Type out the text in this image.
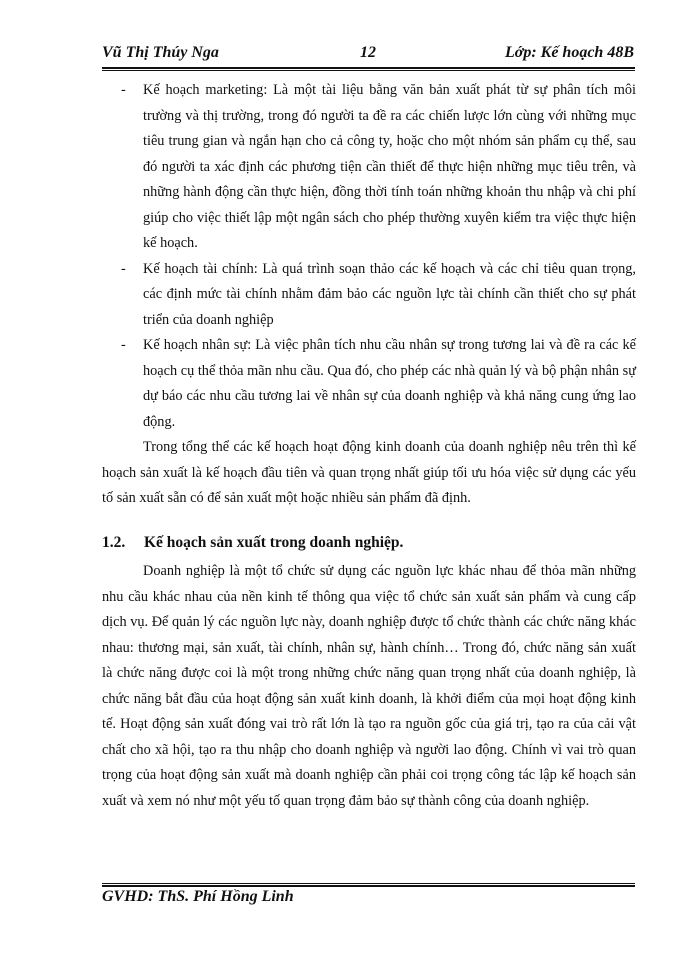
Vũ Thị Thúy Nga	12	Lớp: Kế hoạch 48B
- Kế hoạch marketing: Là một tài liệu bằng văn bản xuất phát từ sự phân tích môi trường và thị trường, trong đó người ta đề ra các chiến lược lớn cùng với những mục tiêu trung gian và ngắn hạn cho cả công ty, hoặc cho một nhóm sản phẩm cụ thể, sau đó người ta xác định các phương tiện cần thiết để thực hiện những mục tiêu trên, và những hành động cần thực hiện, đồng thời tính toán những khoản thu nhập và chi phí giúp cho việc thiết lập một ngân sách cho phép thường xuyên kiểm tra việc thực hiện kế hoạch.
- Kế hoạch tài chính: Là quá trình soạn thảo các kế hoạch và các chỉ tiêu quan trọng, các định mức tài chính nhằm đảm bảo các nguồn lực tài chính cần thiết cho sự phát triển của doanh nghiệp
- Kế hoạch nhân sự: Là việc phân tích nhu cầu nhân sự trong tương lai và đề ra các kế hoạch cụ thể thỏa mãn nhu cầu. Qua đó, cho phép các nhà quản lý và bộ phận nhân sự dự báo các nhu cầu tương lai về nhân sự của doanh nghiệp và khả năng cung ứng lao động.

Trong tổng thể các kế hoạch hoạt động kinh doanh của doanh nghiệp nêu trên thì kế hoạch sản xuất là kế hoạch đầu tiên và quan trọng nhất giúp tối ưu hóa việc sử dụng các yếu tố sản xuất sẵn có để sản xuất một hoặc nhiều sản phẩm đã định.

1.2.	Kế hoạch sản xuất trong doanh nghiệp.

Doanh nghiệp là một tổ chức sử dụng các nguồn lực khác nhau để thỏa mãn những nhu cầu khác nhau của nền kinh tế thông qua việc tổ chức sản xuất sản phẩm và cung cấp dịch vụ. Để quản lý các nguồn lực này, doanh nghiệp được tổ chức thành các chức năng khác nhau: thương mại, sản xuất, tài chính, nhân sự, hành chính… Trong đó, chức năng sản xuất là chức năng được coi là một trong những chức năng quan trọng nhất của doanh nghiệp, là chức năng bắt đầu của hoạt động sản xuất kinh doanh, là khởi điểm của mọi hoạt động kinh tế. Hoạt động sản xuất đóng vai trò rất lớn là tạo ra nguồn gốc của giá trị, tạo ra của cải vật chất cho xã hội, tạo ra thu nhập cho doanh nghiệp và người lao động. Chính vì vai trò quan trọng của hoạt động sản xuất mà doanh nghiệp cần phải coi trọng công tác lập kế hoạch sản xuất và xem nó như một yếu tố quan trọng đảm bảo sự thành công của doanh nghiệp.

GVHD: ThS. Phí Hồng Linh
